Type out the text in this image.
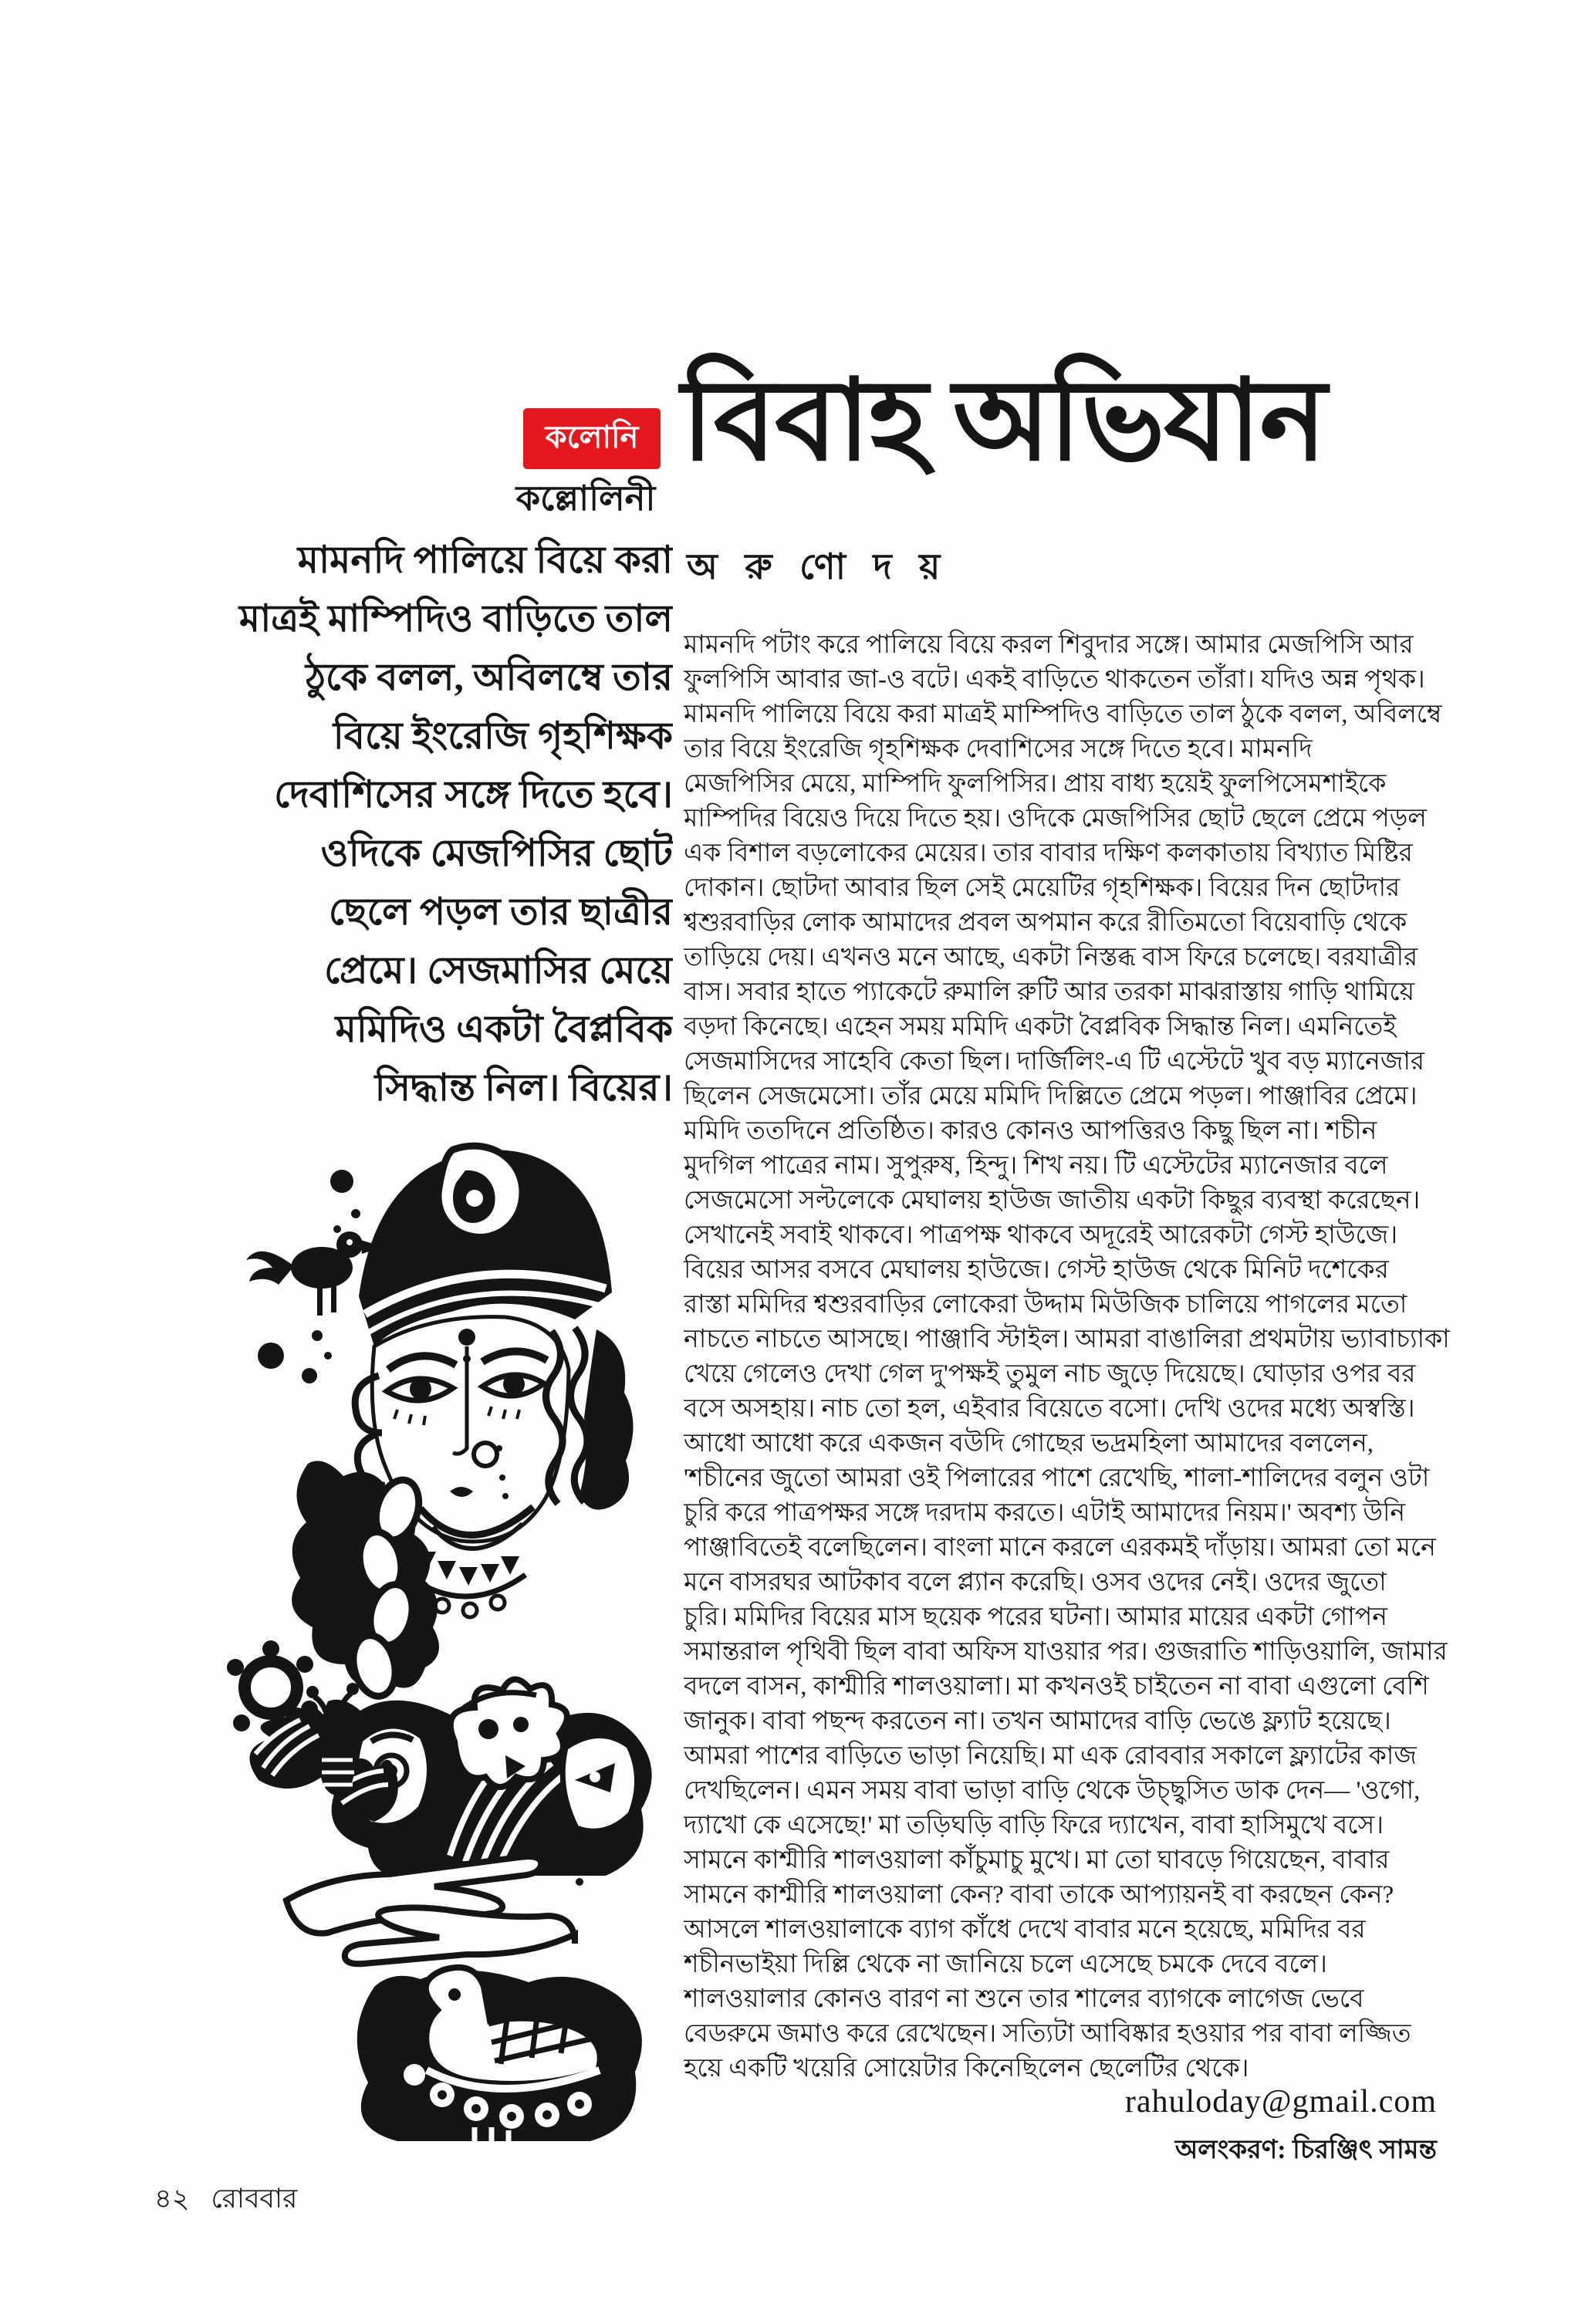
কলোনি
কল্লোলিনী
বিবাহ অভিযান
অ রু ণো দ য়
মামনদি পালিয়ে বিয়ে করা
মাত্রই মাম্পিদিও বাড়িতে তাল
ঠুকে বলল, অবিলম্বে তার
বিয়ে ইংরেজি গৃহশিক্ষক
দেবাশিসের সঙ্গে দিতে হবে।
ওদিকে মেজপিসির ছোট
ছেলে পড়ল তার ছাত্রীর
প্রেমে। সেজমাসির মেয়ে
মমিদিও একটা বৈপ্লবিক
সিদ্ধান্ত নিল। বিয়ের।
মামনদি পটাং করে পালিয়ে বিয়ে করল শিবুদার সঙ্গে। আমার মেজপিসি আর
ফুলপিসি আবার জা-ও বটে। একই বাড়িতে থাকতেন তাঁরা। যদিও অন্ন পৃথক।
মামনদি পালিয়ে বিয়ে করা মাত্রই মাম্পিদিও বাড়িতে তাল ঠুকে বলল, অবিলম্বে
তার বিয়ে ইংরেজি গৃহশিক্ষক দেবাশিসের সঙ্গে দিতে হবে। মামনদি
মেজপিসির মেয়ে, মাম্পিদি ফুলপিসির। প্রায় বাধ্য হয়েই ফুলপিসেমশাইকে
মাম্পিদির বিয়েও দিয়ে দিতে হয়। ওদিকে মেজপিসির ছোট ছেলে প্রেমে পড়ল
এক বিশাল বড়লোকের মেয়ের। তার বাবার দক্ষিণ কলকাতায় বিখ্যাত মিষ্টির
দোকান। ছোটদা আবার ছিল সেই মেয়েটির গৃহশিক্ষক। বিয়ের দিন ছোটদার
শ্বশুরবাড়ির লোক আমাদের প্রবল অপমান করে রীতিমতো বিয়েবাড়ি থেকে
তাড়িয়ে দেয়। এখনও মনে আছে, একটা নিস্তব্ধ বাস ফিরে চলেছে। বরযাত্রীর
বাস। সবার হাতে প্যাকেটে রুমালি রুটি আর তরকা মাঝরাস্তায় গাড়ি থামিয়ে
বড়দা কিনেছে। এহেন সময় মমিদি একটা বৈপ্লবিক সিদ্ধান্ত নিল। এমনিতেই
সেজমাসিদের সাহেবি কেতা ছিল। দার্জিলিং-এ টি এস্টেটে খুব বড় ম্যানেজার
ছিলেন সেজমেসো। তাঁর মেয়ে মমিদি দিল্লিতে প্রেমে পড়ল। পাঞ্জাবির প্রেমে।
মমিদি ততদিনে প্রতিষ্ঠিত। কারও কোনও আপত্তিরও কিছু ছিল না। শচীন
মুদগিল পাত্রের নাম। সুপুরুষ, হিন্দু। শিখ নয়। টি এস্টেটের ম্যানেজার বলে
সেজমেসো সল্টলেকে মেঘালয় হাউজ জাতীয় একটা কিছুর ব্যবস্থা করেছেন।
সেখানেই সবাই থাকবে। পাত্রপক্ষ থাকবে অদূরেই আরেকটা গেস্ট হাউজে।
বিয়ের আসর বসবে মেঘালয় হাউজে। গেস্ট হাউজ থেকে মিনিট দশেকের
রাস্তা মমিদির শ্বশুরবাড়ির লোকেরা উদ্দাম মিউজিক চালিয়ে পাগলের মতো
নাচতে নাচতে আসছে। পাঞ্জাবি স্টাইল। আমরা বাঙালিরা প্রথমটায় ভ্যাবাচ্যাকা
খেয়ে গেলেও দেখা গেল দু'পক্ষই তুমুল নাচ জুড়ে দিয়েছে। ঘোড়ার ওপর বর
বসে অসহায়। নাচ তো হল, এইবার বিয়েতে বসো। দেখি ওদের মধ্যে অস্বস্তি।
আধো আধো করে একজন বউদি গোছের ভদ্রমহিলা আমাদের বললেন,
'শচীনের জুতো আমরা ওই পিলারের পাশে রেখেছি, শালা-শালিদের বলুন ওটা
চুরি করে পাত্রপক্ষর সঙ্গে দরদাম করতে। এটাই আমাদের নিয়ম।' অবশ্য উনি
পাঞ্জাবিতেই বলেছিলেন। বাংলা মানে করলে এরকমই দাঁড়ায়। আমরা তো মনে
মনে বাসরঘর আটকাব বলে প্ল্যান করেছি। ওসব ওদের নেই। ওদের জুতো
চুরি। মমিদির বিয়ের মাস ছয়েক পরের ঘটনা। আমার মায়ের একটা গোপন
সমান্তরাল পৃথিবী ছিল বাবা অফিস যাওয়ার পর। গুজরাতি শাড়িওয়ালি, জামার
বদলে বাসন, কাশ্মীরি শালওয়ালা। মা কখনওই চাইতেন না বাবা এগুলো বেশি
জানুক। বাবা পছন্দ করতেন না। তখন আমাদের বাড়ি ভেঙে ফ্ল্যাট হয়েছে।
আমরা পাশের বাড়িতে ভাড়া নিয়েছি। মা এক রোববার সকালে ফ্ল্যাটের কাজ
দেখছিলেন। এমন সময় বাবা ভাড়া বাড়ি থেকে উচ্ছ্বসিত ডাক দেন— 'ওগো,
দ্যাখো কে এসেছে!' মা তড়িঘড়ি বাড়ি ফিরে দ্যাখেন, বাবা হাসিমুখে বসে।
সামনে কাশ্মীরি শালওয়ালা কাঁচুমাচু মুখে। মা তো ঘাবড়ে গিয়েছেন, বাবার
সামনে কাশ্মীরি শালওয়ালা কেন? বাবা তাকে আপ্যায়নই বা করছেন কেন?
আসলে শালওয়ালাকে ব্যাগ কাঁধে দেখে বাবার মনে হয়েছে, মমিদির বর
শচীনভাইয়া দিল্লি থেকে না জানিয়ে চলে এসেছে চমকে দেবে বলে।
শালওয়ালার কোনও বারণ না শুনে তার শালের ব্যাগকে লাগেজ ভেবে
বেডরুমে জমাও করে রেখেছেন। সত্যিটা আবিষ্কার হওয়ার পর বাবা লজ্জিত
হয়ে একটি খয়েরি সোয়েটার কিনেছিলেন ছেলেটির থেকে।
rahuloday@gmail.com
অলংকরণ: চিরঞ্জিৎ সামন্ত
৪২ রোববার
